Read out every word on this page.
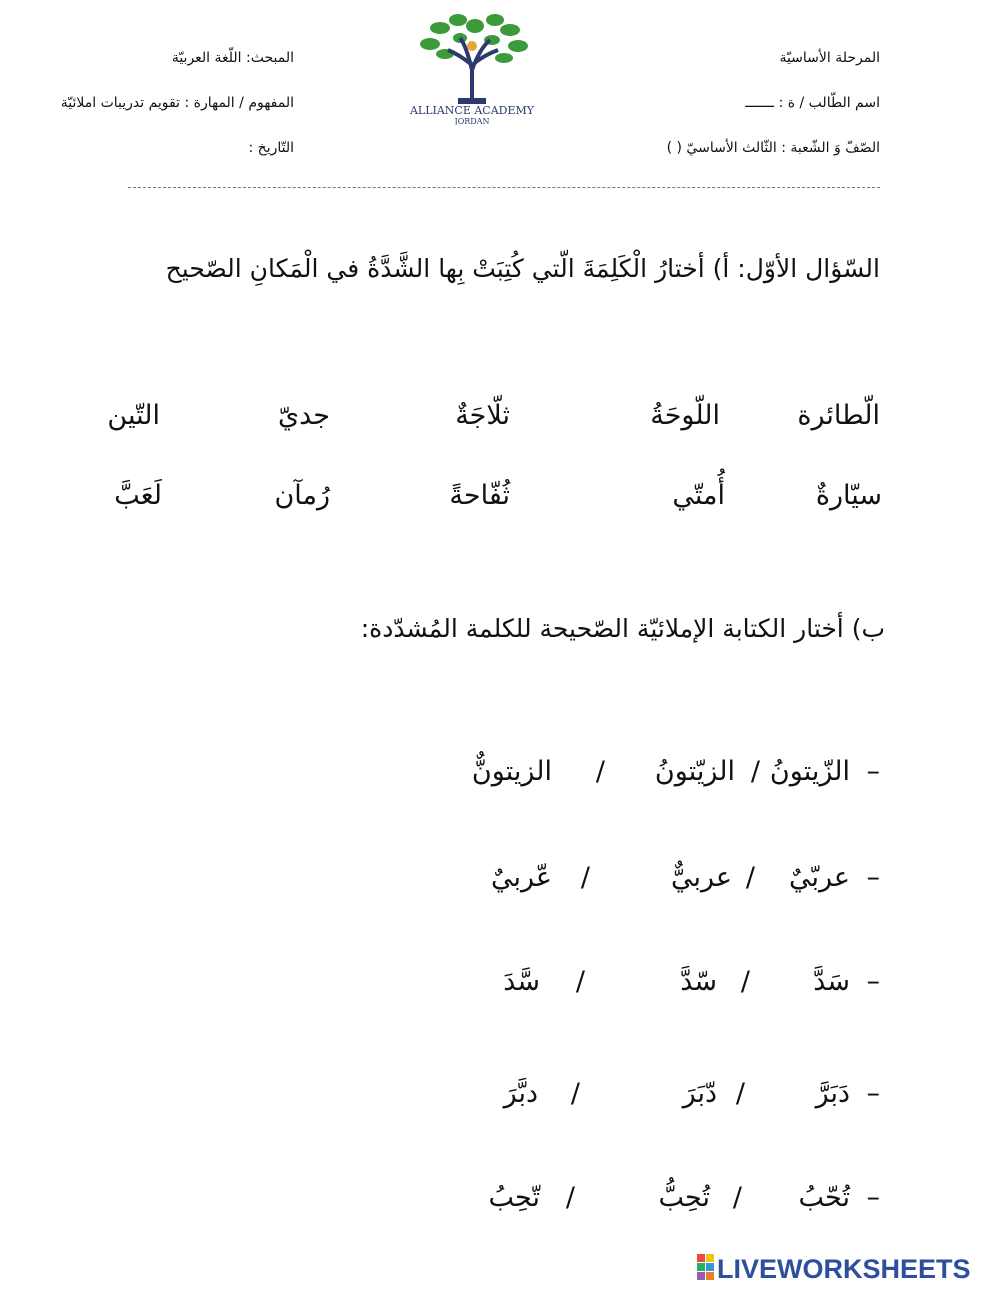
المرحلة الأساسيّة
اسم الطّالب / ة : ـــــــ
الصّفّ وَ الشّعبة : الثّالث الأساسيّ ( )
المبحث: اللّغة العربيّة
المفهوم / المهارة : تقويم تدريبات املائيّة
التّاريخ :
ALLIANCE ACADEMY
JORDAN
السّؤال الأوّل: أ) أختارُ الْكَلِمَةَ الّتي كُتِبَتْ بِها الشَّدَّةُ في الْمَكانِ الصّحيح
الّطائرة
اللّوحَةُ
ثلّاجَةٌ
جديّ
التّين
سيّارةٌ
أُمتّي
ثُفّاحةً
رُمآن
لَعَبَّ
ب) أختار الكتابة الإملائيّة الصّحيحة للكلمة المُشدّدة:
–
الزّيتونُ
/
الزيّتونُ
/
الزيتونٌّ
–
عربّيٌ
/
عربيٌّ
/
عّربيٌ
–
سَدَّ
/
سّدَّ
/
سَّدَ
–
دَبَرَّ
/
دّبَرَ
/
دبَّرَ
–
تُحّبُ
/
تُحِبُّ
/
تّحِبُ
LIVEWORKSHEETS
